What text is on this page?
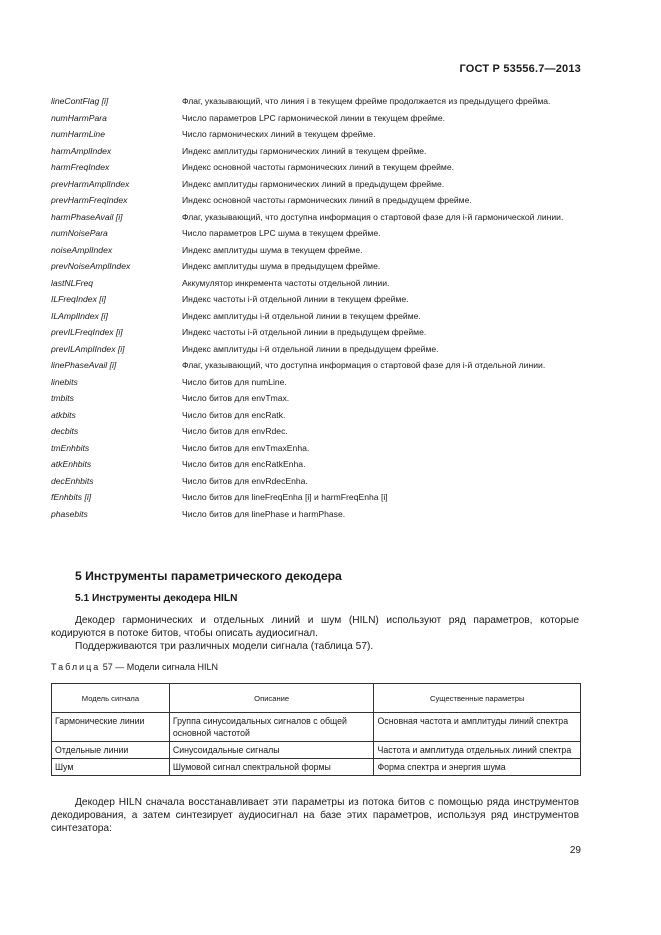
ГОСТ Р 53556.7—2013
lineContFlag [i]	Флаг, указывающий, что линия i в текущем фрейме продолжается из предыдущего фрейма.
numHarmPara	Число параметров LPC гармонической линии в текущем фрейме.
numHarmLine	Число гармонических линий в текущем фрейме.
harmAmplIndex	Индекс амплитуды гармонических линий в текущем фрейме.
harmFreqIndex	Индекс основной частоты гармонических линий в текущем фрейме.
prevHarmAmplIndex	Индекс амплитуды гармонических линий в предыдущем фрейме.
prevHarmFreqIndex	Индекс основной частоты гармонических линий в предыдущем фрейме.
harmPhaseAvail [i]	Флаг, указывающий, что доступна информация о стартовой фазе для i-й гармонической линии.
numNoisePara	Число параметров LPC шума в текущем фрейме.
noiseAmplIndex	Индекс амплитуды шума в текущем фрейме.
prevNoiseAmplIndex	Индекс амплитуды шума в предыдущем фрейме.
lastNLFreq	Аккумулятор инкремента частоты отдельной линии.
ILFreqIndex [i]	Индекс частоты i-й отдельной линии в текущем фрейме.
ILAmplIndex [i]	Индекс амплитуды i-й отдельной линии в текущем фрейме.
prevILFreqIndex [i]	Индекс частоты i-й отдельной линии в предыдущем фрейме.
prevILAmplIndex [i]	Индекс амплитуды i-й отдельной линии в предыдущем фрейме.
linePhaseAvail [i]	Флаг, указывающий, что доступна информация о стартовой фазе для i-й отдельной линии.
linebits	Число битов для numLine.
tmbits	Число битов для envTmax.
atkbits	Число битов для encRatk.
decbits	Число битов для envRdec.
tmEnhbits	Число битов для envTmaxEnha.
atkEnhbits	Число битов для encRatkEnha.
decEnhbits	Число битов для envRdecEnha.
fEnhbits [i]	Число битов для lineFreqEnha [i] и harmFreqEnha [i]
phasebits	Число битов для linePhase и harmPhase.
5 Инструменты параметрического декодера
5.1 Инструменты декодера HILN
Декодер гармонических и отдельных линий и шум (HILN) используют ряд параметров, которые кодируются в потоке битов, чтобы описать аудиосигнал.
Поддерживаются три различных модели сигнала (таблица 57).
Таблица 57 — Модели сигнала HILN
Модель сигнала	Описание	Существенные параметры
Гармонические линии	Группа синусоидальных сигналов с общей основной частотой	Основная частота и амплитуды линий спектра
Отдельные линии	Синусоидальные сигналы	Частота и амплитуда отдельных линий спектра
Шум	Шумовой сигнал спектральной формы	Форма спектра и энергия шума
Декодер HILN сначала восстанавливает эти параметры из потока битов с помощью ряда инструментов декодирования, а затем синтезирует аудиосигнал на базе этих параметров, используя ряд инструментов синтезатора:
29
